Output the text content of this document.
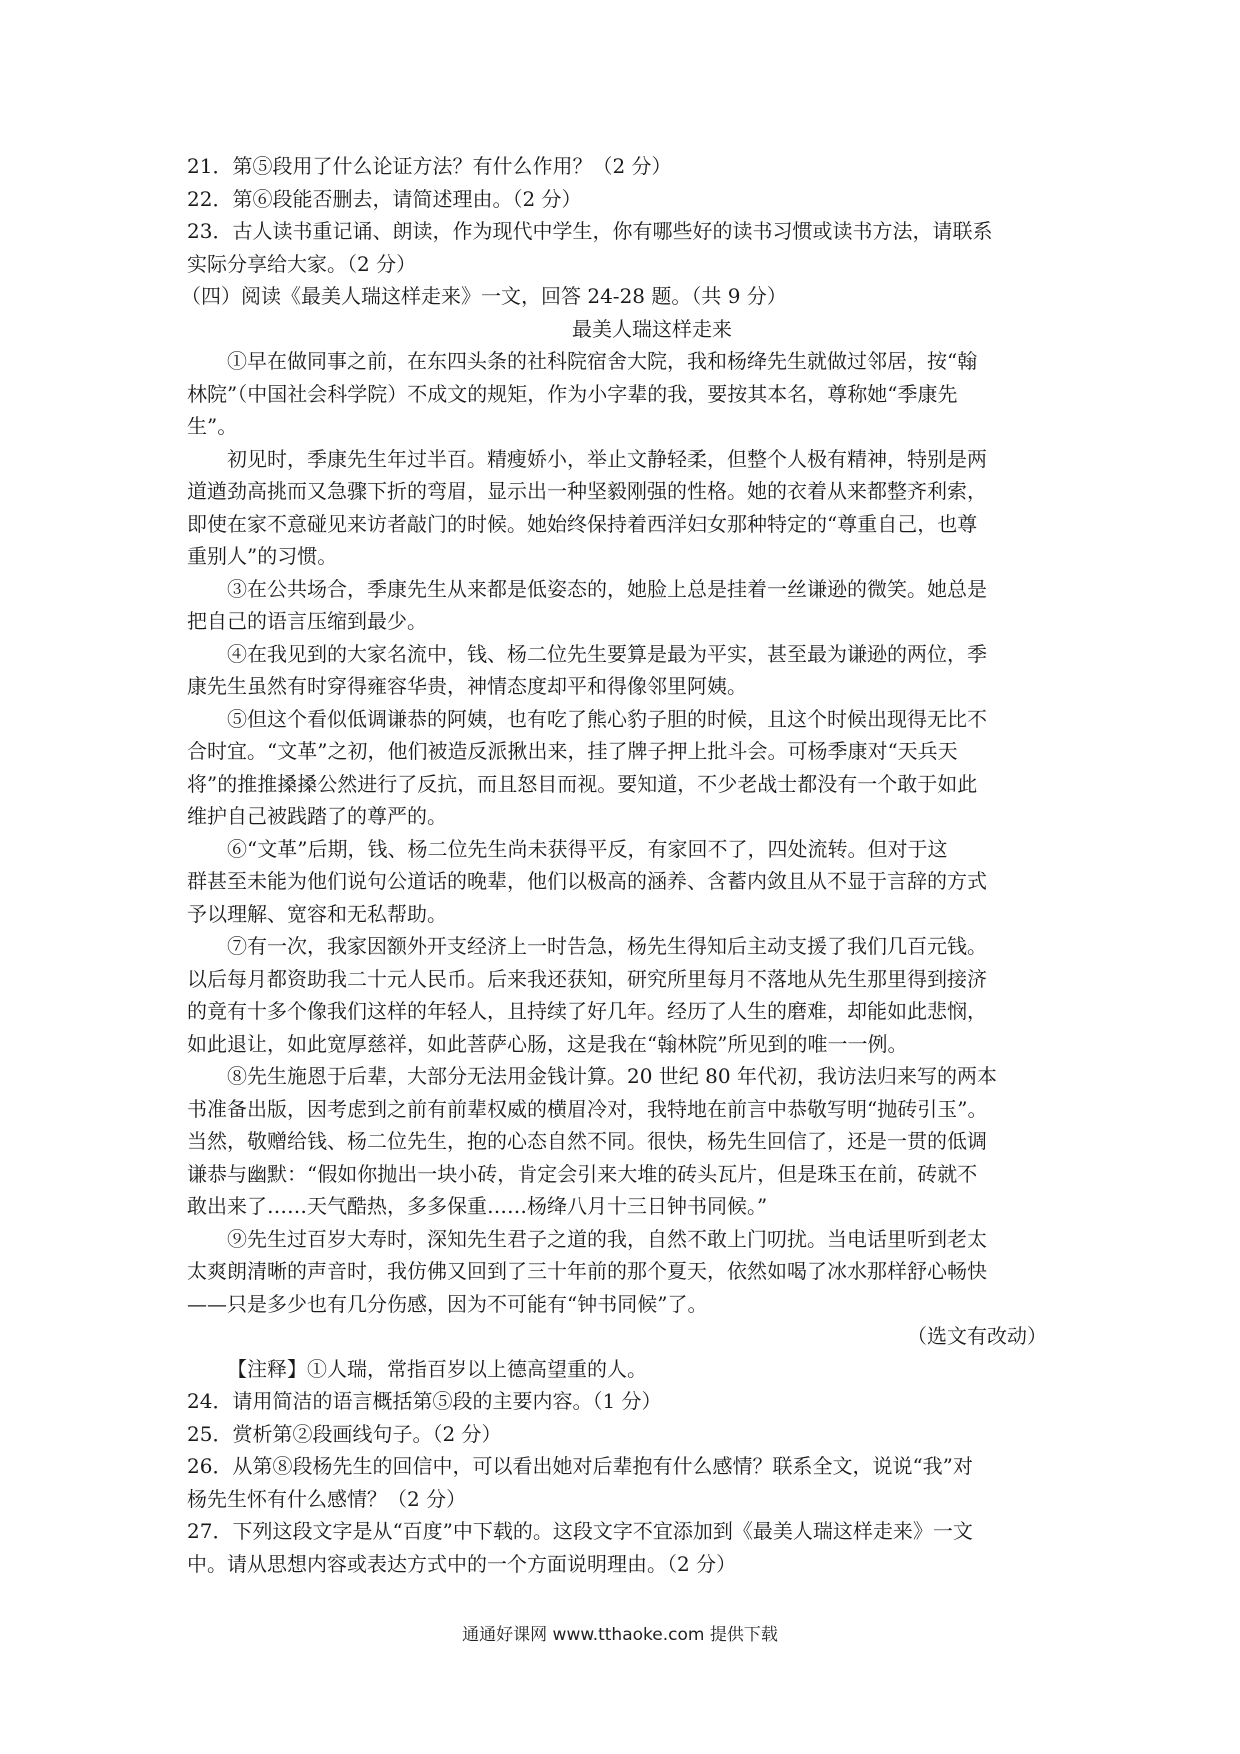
21．第⑤段用了什么论证方法？有什么作用？（2 分）

22．第⑥段能否删去，请简述理由。（2 分）

23．古人读书重记诵、朗读，作为现代中学生，你有哪些好的读书习惯或读书方法，请联系

实际分享给大家。（2 分）

（四）阅读《最美人瑞这样走来》一文，回答 24-28 题。（共 9 分）

最美人瑞这样走来

①早在做同事之前，在东四头条的社科院宿舍大院，我和杨绛先生就做过邻居，按“翰

林院”（中国社会科学院）不成文的规矩，作为小字辈的我，要按其本名，尊称她“季康先

生”。

初见时，季康先生年过半百。精瘦娇小，举止文静轻柔，但整个人极有精神，特别是两

道遒劲高挑而又急骤下折的弯眉，显示出一种坚毅刚强的性格。她的衣着从来都整齐利索，

即使在家不意碰见来访者敲门的时候。她始终保持着西洋妇女那种特定的“尊重自己，也尊

重别人”的习惯。

③在公共场合，季康先生从来都是低姿态的，她脸上总是挂着一丝谦逊的微笑。她总是

把自己的语言压缩到最少。

④在我见到的大家名流中，钱、杨二位先生要算是最为平实，甚至最为谦逊的两位，季

康先生虽然有时穿得雍容华贵，神情态度却平和得像邻里阿姨。

⑤但这个看似低调谦恭的阿姨，也有吃了熊心豹子胆的时候，且这个时候出现得无比不

合时宜。“文革”之初，他们被造反派揪出来，挂了牌子押上批斗会。可杨季康对“天兵天

将”的推推搡搡公然进行了反抗，而且怒目而视。要知道，不少老战士都没有一个敢于如此

维护自己被践踏了的尊严的。

⑥“文革”后期，钱、杨二位先生尚未获得平反，有家回不了，四处流转。但对于这

群甚至未能为他们说句公道话的晚辈，他们以极高的涵养、含蓄内敛且从不显于言辞的方式

予以理解、宽容和无私帮助。

⑦有一次，我家因额外开支经济上一时告急，杨先生得知后主动支援了我们几百元钱。

以后每月都资助我二十元人民币。后来我还获知，研究所里每月不落地从先生那里得到接济

的竟有十多个像我们这样的年轻人，且持续了好几年。经历了人生的磨难，却能如此悲悯，

如此退让，如此宽厚慈祥，如此菩萨心肠，这是我在“翰林院”所见到的唯一一例。

⑧先生施恩于后辈，大部分无法用金钱计算。20 世纪 80 年代初，我访法归来写的两本

书准备出版，因考虑到之前有前辈权威的横眉冷对，我特地在前言中恭敬写明“抛砖引玉”。

当然，敬赠给钱、杨二位先生，抱的心态自然不同。很快，杨先生回信了，还是一贯的低调

谦恭与幽默：“假如你抛出一块小砖，肯定会引来大堆的砖头瓦片，但是珠玉在前，砖就不

敢出来了……天气酷热，多多保重……杨绛八月十三日钟书同候。”

⑨先生过百岁大寿时，深知先生君子之道的我，自然不敢上门叨扰。当电话里听到老太

太爽朗清晰的声音时，我仿佛又回到了三十年前的那个夏天，依然如喝了冰水那样舒心畅快

——只是多少也有几分伤感，因为不可能有“钟书同候”了。

（选文有改动）

【注释】①人瑞，常指百岁以上德高望重的人。

24．请用简洁的语言概括第⑤段的主要内容。（1 分）

25．赏析第②段画线句子。（2 分）

26．从第⑧段杨先生的回信中，可以看出她对后辈抱有什么感情？联系全文，说说“我”对

杨先生怀有什么感情？（2 分）

27．下列这段文字是从“百度”中下载的。这段文字不宜添加到《最美人瑞这样走来》一文

中。请从思想内容或表达方式中的一个方面说明理由。（2 分）

通通好课网 www.tthaoke.com 提供下载
